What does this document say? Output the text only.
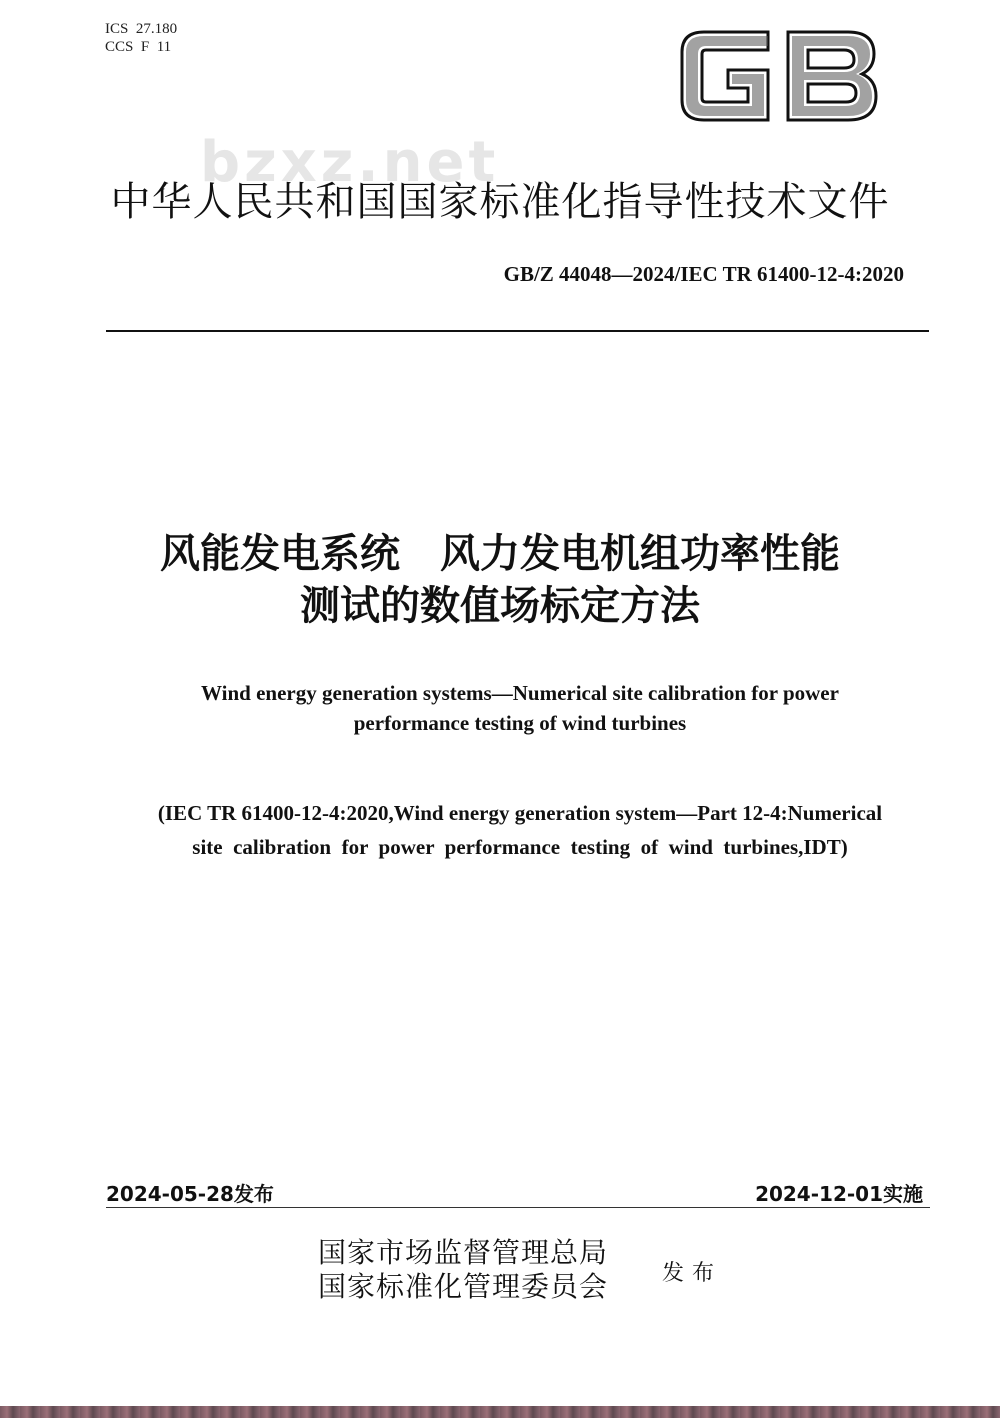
ICS  27.180
CCS  F  11
GB
bzxz.net
中华人民共和国国家标准化指导性技术文件
GB/Z 44048—2024/IEC TR 61400-12-4:2020
风能发电系统　风力发电机组功率性能
测试的数值场标定方法
Wind energy generation systems—Numerical site calibration for power
performance testing of wind turbines
(IEC TR 61400-12-4:2020,Wind energy generation system—Part 12-4:Numerical
site  calibration  for  power  performance  testing  of  wind  turbines,IDT)
2024-05-28发布	2024-12-01实施
国家市场监督管理总局
国家标准化管理委员会 发布
